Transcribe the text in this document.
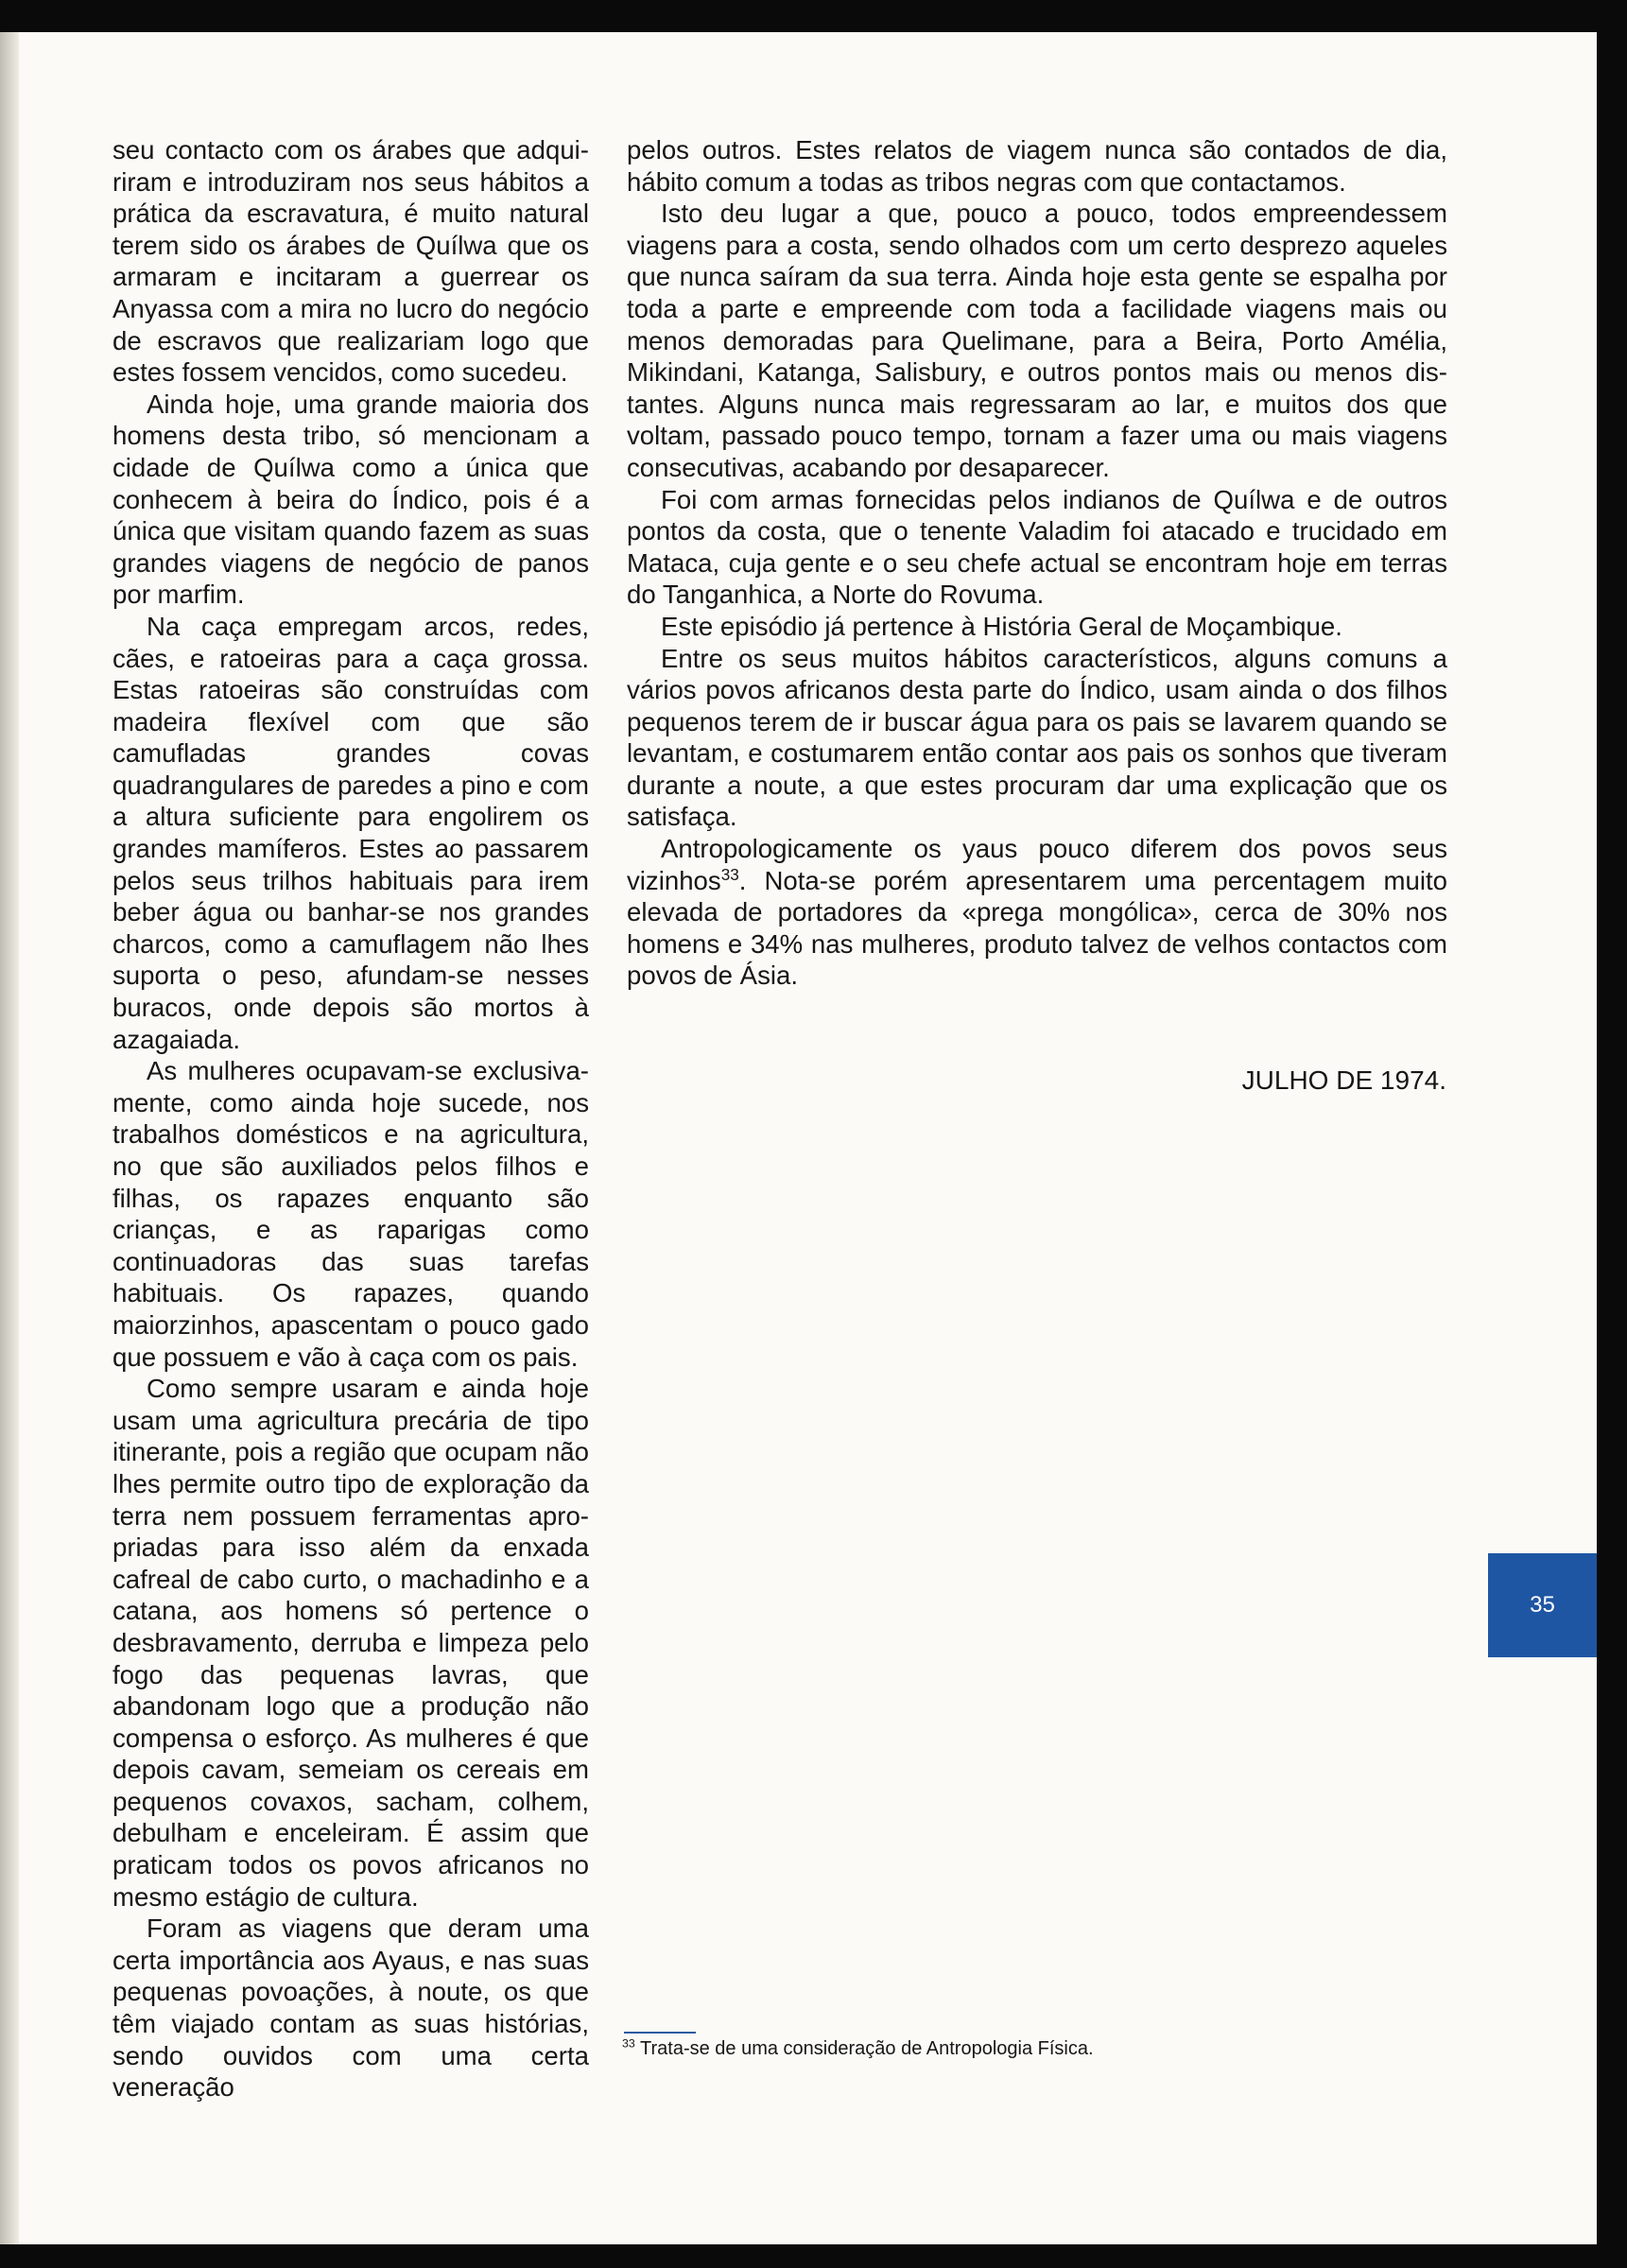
seu contacto com os árabes que adquiriram e introduziram nos seus hábitos a prática da escravatura, é muito natural terem sido os árabes de Quílwa que os armaram e incitaram a guerrear os Anyassa com a mira no lucro do negócio de escravos que realizariam logo que estes fossem vencidos, como sucedeu.

Ainda hoje, uma grande maioria dos homens desta tribo, só mencionam a cidade de Quílwa como a única que conhecem à beira do Índico, pois é a única que visitam quando fazem as suas grandes viagens de negócio de panos por marfim.

Na caça empregam arcos, redes, cães, e ratoeiras para a caça grossa. Estas ratoeiras são construídas com madeira flexível com que são camufladas grandes covas quadrangulares de paredes a pino e com a altura suficiente para engolirem os grandes mamíferos. Estes ao passarem pelos seus trilhos habituais para irem beber água ou banhar-se nos grandes charcos, como a camuflagem não lhes suporta o peso, afundam-se nesses buracos, onde depois são mortos à azagaiada.

As mulheres ocupavam-se exclusivamente, como ainda hoje sucede, nos trabalhos domésticos e na agricultura, no que são auxiliados pelos filhos e filhas, os rapazes enquanto são crianças, e as raparigas como continuadoras das suas tarefas habituais. Os rapazes, quando maiorzinhos, apascentam o pouco gado que possuem e vão à caça com os pais.

Como sempre usaram e ainda hoje usam uma agricultura precária de tipo itinerante, pois a região que ocupam não lhes permite outro tipo de exploração da terra nem possuem ferramentas apropriadas para isso além da enxada cafreal de cabo curto, o machadinho e a catana, aos homens só pertence o desbravamento, derruba e limpeza pelo fogo das pequenas lavras, que abandonam logo que a produção não compensa o esforço. As mulheres é que depois cavam, semeiam os cereais em pequenos covaxos, sacham, colhem, debulham e enceleiram. É assim que praticam todos os povos africanos no mesmo estágio de cultura.

Foram as viagens que deram uma certa importância aos Ayaus, e nas suas pequenas povoações, à noute, os que têm viajado contam as suas histórias, sendo ouvidos com uma certa veneração

pelos outros. Estes relatos de viagem nunca são contados de dia, hábito comum a todas as tribos negras com que contactamos.

Isto deu lugar a que, pouco a pouco, todos empreendessem viagens para a costa, sendo olhados com um certo desprezo aqueles que nunca saíram da sua terra. Ainda hoje esta gente se espalha por toda a parte e empreende com toda a facilidade viagens mais ou menos demoradas para Quelimane, para a Beira, Porto Amélia, Mikindani, Katanga, Salisbury, e outros pontos mais ou menos distantes. Alguns nunca mais regressaram ao lar, e muitos dos que voltam, passado pouco tempo, tornam a fazer uma ou mais viagens consecutivas, acabando por desaparecer.

Foi com armas fornecidas pelos indianos de Quílwa e de outros pontos da costa, que o tenente Valadim foi atacado e trucidado em Mataca, cuja gente e o seu chefe actual se encontram hoje em terras do Tanganhica, a Norte do Rovuma.

Este episódio já pertence à História Geral de Moçambique.

Entre os seus muitos hábitos característicos, alguns comuns a vários povos africanos desta parte do Índico, usam ainda o dos filhos pequenos terem de ir buscar água para os pais se lavarem quando se levantam, e costumarem então contar aos pais os sonhos que tiveram durante a noute, a que estes procuram dar uma explicação que os satisfaça.

Antropologicamente os yaus pouco diferem dos povos seus vizinhos$^{33}$. Nota-se porém apresentarem uma percentagem muito elevada de portadores da «prega mongólica», cerca de 30% nos homens e 34% nas mulheres, produto talvez de velhos contactos com povos de Ásia.

JULHO DE 1974.
$^{33}$ Trata-se de uma consideração de Antropologia Física.
35
